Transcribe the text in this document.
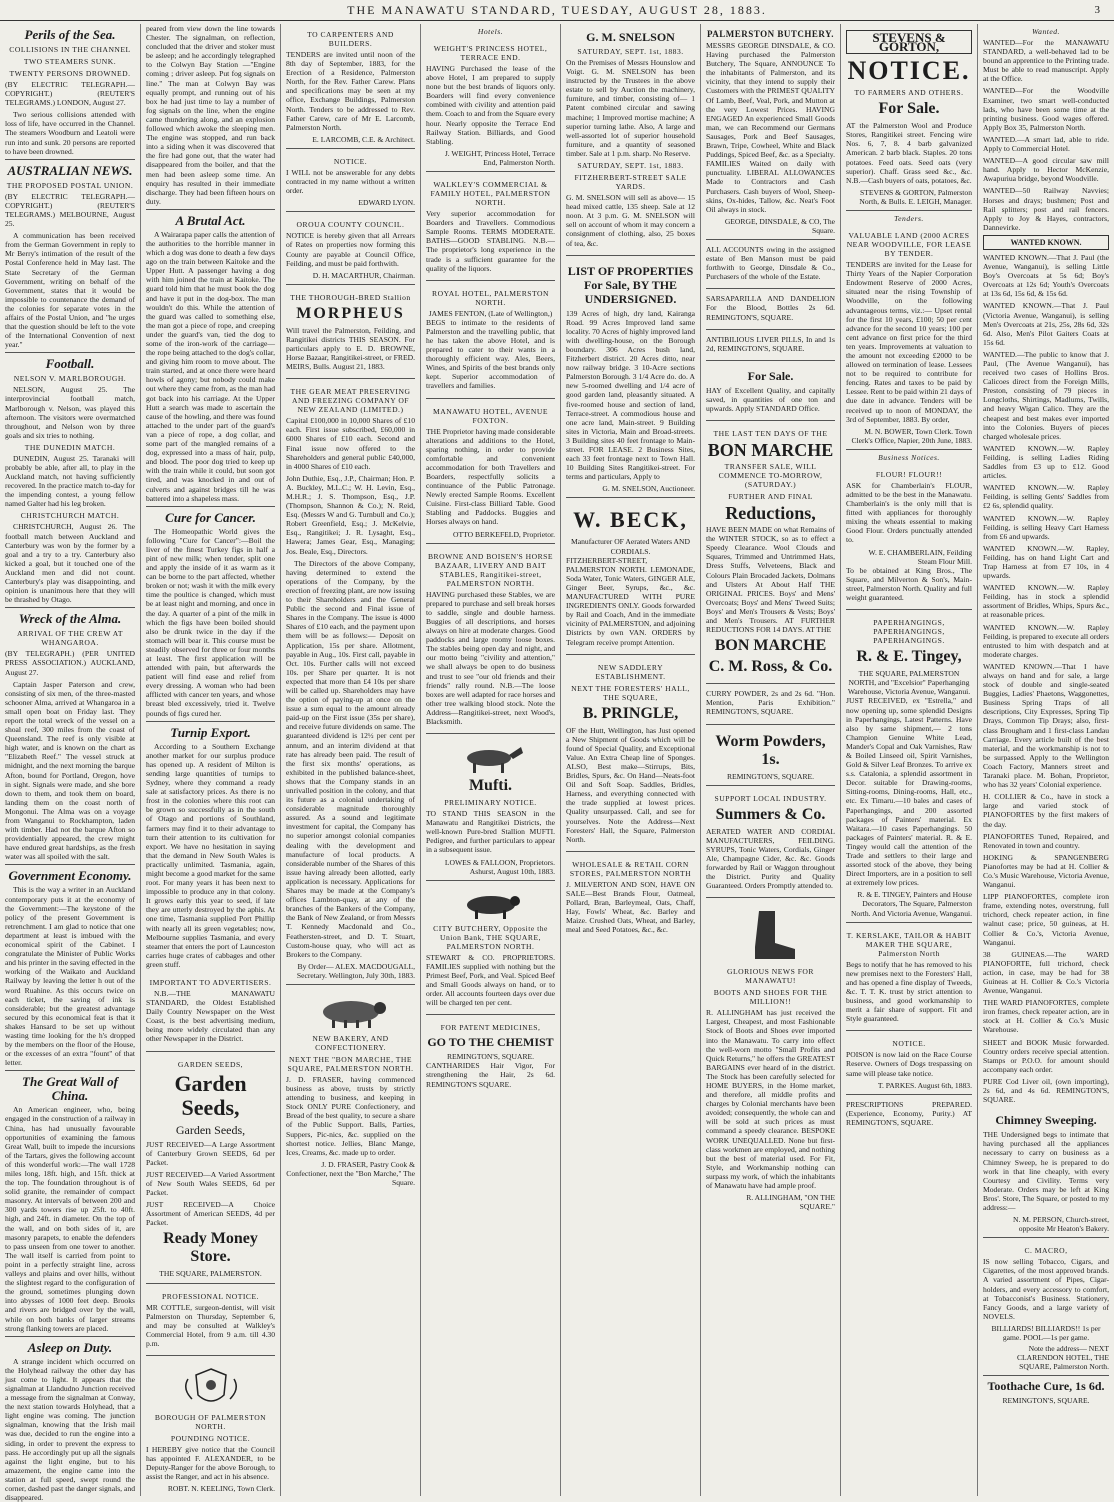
THE MANAWATU STANDARD, TUESDAY, AUGUST 28, 1883.	3
Perils of the Sea.
COLLISIONS IN THE CHANNEL
TWO STEAMERS SUNK.
TWENTY PERSONS DROWNED.

(BY ELECTRIC TELEGRAPH.—COPYRIGHT.) (REUTER'S TELEGRAMS.) LONDON, August 27.

Two serious collisions attended with loss of life, have occurred in the Channel. The steamers Woodburn and Leatoli were run into and sunk. 20 persons are reported to have been drowned.

AUSTRALIAN NEWS.
THE PROPOSED POSTAL UNION.

(BY ELECTRIC TELEGRAPH.—COPYRIGHT.) (REUTER'S TELEGRAMS.) MELBOURNE, August 25.

A communication has been received from the German Government in reply to Mr Berry's intimation of the result of the Postal Conference held in May last. The State Secretary of the German Government, writing on behalf of the Government, states that it would be impossible to countenance the demand of the colonies for separate votes in the affairs of the Postal Union, and "he urges that the question should be left to the vote of the International Convention of next year."

Football.
NELSON V. MARLBOROUGH.

NELSON, August 25. The interprovincial football match, Marlborough v. Nelson, was played this afternoon. The visitors were overmatched throughout, and Nelson won by three goals and six tries to nothing.

THE DUNEDIN MATCH.

DUNEDIN, August 25. Taranaki will probably be able, after all, to play in the Auckland match, not having sufficiently recovered. In the practice match to-day for the impending contest, a young fellow named Galter had his leg broken.

CHRISTCHURCH MATCH.

CHRISTCHURCH, August 26. The football match between Auckland and Canterbury was won by the former by a goal and a try to a try. Canterbury also kicked a goal, but it touched one of the Auckland men and did not count. Canterbury's play was disappointing, and opinion is unanimous here that they will be thrashed by Otago.

Wreck of the Alma.
ARRIVAL OF THE CREW AT WHANGAROA.

(BY TELEGRAPH.) (PER UNITED PRESS ASSOCIATION.) AUCKLAND, August 27.

Captain Jasper Paterson and crew, consisting of six men, of the three-masted schooner Alma, arrived at Whangaroa in a small open boat on Friday last. They report the total wreck of the vessel on a shoal reef, 300 miles from the coast of Queensland. The reef is only visible at high water, and is known on the chart as "Elizabeth Reef." The vessel struck at midnight, and the next morning the barque Afton, bound for Portland, Oregon, hove in sight. Signals were made, and she bore down to them, and took them on board, landing them on the coast north of Mongonui. The Alma was on a voyage from Wanganui to Rockhampton, laden with timber. Had not the barque Afton so providentially appeared, the crew might have endured great hardships, as the fresh water was all spoiled with the salt.

Government Economy.

This is the way a writer in an Auckland contemporary puts it at the economy of the Government:—The keystone of the policy of the present Government is retrenchment. I am glad to notice that one department at least is imbued with the economical spirit of the Cabinet. I congratulate the Minister of Public Works and his printer in the saving effected in the working of the Waikato and Auckland Railway by leaving the letter h out of the word Ruahine. As this occurs twice on each ticket, the saving of ink is considerable; but the greatest advantage secured by this economical feat is that it shakes Hansard to be set up without wasting time looking for the h's dropped by the members on the floor of the House, or the excesses of an extra "fount" of that letter.

The Great Wall of China.

An American engineer, who, being engaged in the construction of a railway in China, has had unusually favourable opportunities of examining the famous Great Wall, built to impede the incursions of the Tartars, gives the following account of this wonderful work:—The wall 1728 miles long, 18ft. high, and 15ft. thick at the top. The foundation throughout is of solid granite, the remainder of compact masonry. At intervals of between 200 and 300 yards towers rise up 25ft. to 40ft. high, and 24ft. in diameter. On the top of the wall, and on both sides of it, are masonry parapets, to enable the defenders to pass unseen from one tower to another. The wall itself is carried from point to point in a perfectly straight line, across valleys and plains and over hills, without the slightest regard to the configuration of the ground, sometimes plunging down into abysses of 1000 feet deep. Brooks and rivers are bridged over by the wall, while on both banks of larger streams strong flanking towers are placed.

Asleep on Duty.

A strange incident which occurred on the Holyhead railway the other day has just come to light. It appears that the signalman at Llandudno Junction received a message from the signalman at Conway, the next station towards Holyhead, that a light engine was coming. The junction signalman, knowing that the Irish mail was due, decided to run the engine into a siding, in order to prevent the express to pass. He accordingly put up all the signals against the light engine, but to his amazement, the engine came into the station at full speed, swept round the corner, dashed past the danger signals, and disappeared.

peared from view down the line towards Chester. The signalman, on reflection, concluded that the driver and stoker must be asleep; and he accordingly telegraphed to the Colwyn Bay Station —"Engine coming ; driver asleep. Put fog signals on line." The man at Colwyn Bay was equally prompt, and running out of his box he had just time to lay a number of fog signals on the line, when the engine came thundering along, and an explosion followed which awoke the sleeping men. The engine was stopped, and run back into a siding when it was discovered that the fire had gone out, that the water had disappeared from the boiler, and that the men had been asleep some time. An enquiry has resulted in their immediate discharge. They had been fifteen hours on duty.

A Brutal Act.

A Wairarapa paper calls the attention of the authorities to the horrible manner in which a dog was done to death a few days ago on the train between Kaitoke and the Upper Hutt. A passenger having a dog with him joined the train at Kaitoke. The guard told him that he must book the dog and have it put in the dog-box. The man wouldn't do this. While the attention of the guard was called to something else, the man got a piece of rope, and creeping under the guard's van, tied the dog to some of the iron-work of the carriage—the rope being attached to the dog's collar, and giving him room to move about. The train started, and at once there were heard howls of agony; but nobody could make out where they came from, as the man had got back into his carriage. At the Upper Hutt a search was made to ascertain the cause of the howling, and there was found attached to the under part of the guard's van a piece of rope, a dog collar, and some part of the mangled remains of a dog, expressed into a mass of hair, pulp, and blood. The poor dog tried to keep up with the train while it could, but soon got tired, and was knocked in and out of culverts and against bridges till he was battered into a shapeless mass.

Cure for Cancer.

The Homeopathic World gives the following "Cure for Cancer":—Boil the liver of the finest Turkey figs in half a pint of new milk; when tender, split one and apply the inside of it as warm as it can be borne to the part affected, whether broken or not; wash it with the milk every time the poultice is changed, which must be at least night and morning, and once in the day. A quarter of a pint of the milk in which the figs have been boiled should also be drunk twice in the day if the stomach will bear it. This course must be steadily observed for three or four months at least. The first application will be attended with pain, but afterwards the patient will find ease and relief from every dressing. A woman who had been afflicted with cancer ten years, and whose breast bled excessively, tried it. Twelve pounds of figs cured her.

Turnip Export.

According to a Southern Exchange another market for our surplus produce has opened up. A resident of Milton is sending large quantities of turnips to Sydney, where they command a ready sale at satisfactory prices. As there is no frost in the colonies where this root can be grown so successfully as in the south of Otago and portions of Southland, farmers may find it to their advantage to turn their attention to its cultivation for export. We have no hesitation in saying that the demand in New South Wales is practically unlimited. Tasmania, again, might become a good market for the same root. For many years it has been next to impossible to produce any in that colony. It grows early this year to seed, if late they are utterly destroyed by the aphis. At one time, Tasmania supplied Port Phillip with nearly all its green vegetables; now, Melbourne supplies Tasmania, and every steamer that enters the port of Launceston carries huge crates of cabbages and other green stuff.

IMPORTANT TO ADVERTISERS.

N.B.—THE MANAWATU STANDARD, the Oldest Established Daily Country Newspaper on the West Coast, is the best advertising medium, being more widely circulated than any other Newspaper in the District.

GARDEN SEEDS,
Garden Seeds,
Garden Seeds,

JUST RECEIVED—A Large Assortment of Canterbury Grown SEEDS, 6d per Packet.

JUST RECEIVED—A Varied Assortment of New South Wales SEEDS, 6d per Packet.

JUST RECEIVED—A Choice Assortment of American SEEDS, 4d per Packet.

Ready Money Store.
THE SQUARE, PALMERSTON.
PROFESSIONAL NOTICE.

MR COTTLE, surgeon-dentist, will visit Palmerston on Thursday, September 6, and may be consulted at Walkley's Commercial Hotel, from 9 a.m. till 4.30 p.m.

BOROUGH OF PALMERSTON NORTH.
POUNDING NOTICE.

I HEREBY give notice that the Council has appointed F. ALEXANDER, to be Deputy-Ranger for the above Borough, to assist the Ranger, and act in his absence.

ROBT. N. KEELING, Town Clerk.

TO CARPENTERS AND BUILDERS.

TENDERS are invited until noon of the 8th day of September, 1883, for the Erection of a Residence, Palmerston North, for the Rev. Father Carew. Plans and specifications may be seen at my office, Exchange Buildings, Palmerston North. Tenders to be addressed to Rev. Father Carew, care of Mr E. Larcomb, Palmerston North.

E. LARCOMB, C.E. & Architect.

NOTICE.

I WILL not be answerable for any debts contracted in my name without a written order.

EDWARD LYON.

OROUA COUNTY COUNCIL.

NOTICE is hereby given that all Arrears of Rates on properties now forming this County are payable at Council Office, Feilding, and must be paid forthwith.

D. H. MACARTHUR, Chairman.

THE THOROUGH-BRED Stallion
MORPHEUS

Will travel the Palmerston, Feilding, and Rangitikei districts THIS SEASON. For particulars apply to E. D. BROWNE, Horse Bazaar, Rangitikei-street, or FRED. MEIRS, Bulls. August 21, 1883.

THE GEAR MEAT PRESERVING AND FREEZING COMPANY OF NEW ZEALAND (LIMITED.)

Capital £100,000 in 10,000 Shares of £10 each. First issue subscribed, £60,000 in 6000 Shares of £10 each. Second and Final issue now offered to the Shareholders and general public £40,000, in 4000 Shares of £10 each.

John Duthie, Esq., J.P., Chairman; Hon. P. A. Buckley, M.L.C.; W. H. Levin, Esq., M.H.R.; J. S. Thompson, Esq., J.P. (Thompson, Shannon & Co.); N. Reid, Esq. (Messrs W and G. Turnbull and Co.); Robert Greenfield, Esq.; J. McKelvie, Esq., Rangitikei; J. R. Lysaght, Esq., Hawera; James Gear, Esq., Managing; Jos. Beale, Esq., Directors.

The Directors of the above Company, having determined to extend the operations of the Company, by the erection of freezing plant, are now issuing to their Shareholders and the General Public the second and Final issue of Shares in the Company. The issue is 4000 Shares of £10 each, and the payment upon them will be as follows:— Deposit on Application, 15s per share. Allotment, payable in Aug., 10s. First call, payable in Oct. 10s. Further calls will not exceed 10s. per Share per quarter. It is not expected that more than £4 10s per share will be called up. Shareholders may have the option of paying-up at once on the issue a sum equal to the amount already paid-up on the First issue (35s per share), and receive future dividends on same. The guaranteed dividend is 12½ per cent per annum, and an interim dividend at that rate has already been paid. The result of the first six months' operations, as exhibited in the published balance-sheet, shows that the Company stands in an unrivalled position in the colony, and that its future as a colonial undertaking of considerable magnitude thoroughly assured. As a sound and legitimate investment for capital, the Company has no superior amongst colonial companies dealing with the development and manufacture of local products. A considerable number of the Shares of this issue having already been allotted, early application is necessary. Applications for Shares may be made at the Company's offices Lambton-quay, at any of the branches of the Bankers of the Company, the Bank of New Zealand, or from Messrs T. Kennedy Macdonald and Co., Feathersten-street, and D. T. Stuart, Custom-house quay, who will act as Brokers to the Company.

By Order— ALEX. MACDOUGALL, Secretary. Wellington, July 30th, 1883.

NEW BAKERY, AND CONFECTIONERY.
NEXT THE "BON MARCHE, THE SQUARE, PALMERSTON NORTH.

J. D. FRASER, having commenced business as above, trusts by strictly attending to business, and keeping in Stock ONLY PURE Confectionery, and Bread of the best quality, to secure a share of the Public Support. Balls, Parties, Suppers, Pic-nics, &c. supplied on the shortest notice. Jellies, Blanc Mange, Ices, Creams, &c. made up to order.

J. D. FRASER, Pastry Cook & Confectioner, next the "Bon Marche," The Square.

Hotels.
WEIGHT'S PRINCESS HOTEL, TERRACE END.

HAVING Purchased the lease of the above Hotel, I am prepared to supply none but the best brands of liquors only. Boarders will find every convenience combined with civility and attention paid them. Coach to and from the Square every hour. Nearly opposite the Terrace End Railway Station. Billiards, and Good Stabling.

J. WEIGHT, Princess Hotel, Terrace End, Palmerston North.

WALKLEY'S COMMERCIAL & FAMILY HOTEL, PALMERSTON NORTH.

Very superior accommodation for Boarders and Travellers. Commodious Sample Rooms. TERMS MODERATE. BATHS—GOOD STABLING. N.B.—The proprietor's long experience in the trade is a sufficient guarantee for the quality of the liquors.

ROYAL HOTEL, PALMERSTON NORTH.
JAMES FENTON, (Late of Wellington,)

BEGS to intimate to the residents of Palmerston and the travelling public, that he has taken the above Hotel, and is prepared to cater to their wants in a thoroughly efficient way. Ales, Beers, Wines, and Spirits of the best brands only kept. Superior accommodation of travellers and families.

MANAWATU HOTEL, AVENUE FOXTON.

THE Proprietor having made considerable alterations and additions to the Hotel, sparing nothing, in order to provide comfortable and convenient accommodation for both Travellers and Boarders, respectfully solicits a continuance of the Public Patronage. Newly erected Sample Rooms. Excellent Cuisine. First-class Billiard Table. Good Stabling and Paddocks. Buggies and Horses always on hand.

OTTO BERKEFELD, Proprietor.

BROWNE AND BOISEN'S HORSE BAZAAR, LIVERY AND BAIT STABLES, Rangitikei-street, PALMERSTON NORTH.

HAVING purchased these Stables, we are prepared to purchase and sell break horses to saddle, single and double harness. Buggies of all descriptions, and horses always on hire at moderate charges. Good paddocks and large roomy loose boxes. The stables being open day and night, and our motto being "civility and attention," we shall always be open to do business and trust to see "our old friends and their friends" rally round. N.B.—The loose boxes are well adapted for race horses and other tree walking blood stock. Note the Address—Rangitikei-street, next Wood's, Blacksmith.

Mufti.
PRELIMINARY NOTICE.

TO STAND THIS SEASON in the Manawatu and Rangitikei Districts, the well-known Pure-bred Stallion MUFTI. Pedigree, and further particulars to appear in a subsequent issue.

LOWES & FALLOON, Proprietors. Ashurst, August 10th, 1883.

CITY BUTCHERY, Opposite the Union Bank, THE SQUARE, PALMERSTON NORTH.

STEWART & CO. PROPRIETORS. FAMILIES supplied with nothing but the Primest Beef, Pork, and Veal. Spiced Beef and Small Goods always on hand, or to order. All accounts fourteen days over due will be charged ten per cent.

FOR PATENT MEDICINES,
GO TO THE CHEMIST
REMINGTON'S, SQUARE.

CANTHARIDES Hair Vigor, For strengthening the Hair, 2s 6d. REMINGTON'S SQUARE.

G. M. SNELSON
SATURDAY, SEPT. 1st, 1883.

On the Premises of Messrs Hounslow and Voigt. G. M. SNELSON has been instructed by the Trustees in the above estate to sell by Auction the machinery, furniture, and timber, consisting of— 1 Patent combined circular and sawing machine; 1 Improved mortise machine; A superior turning lathe. Also, A large and well-assorted lot of superior household furniture, and a quantity of seasoned timber. Sale at 1 p.m. sharp. No Reserve.

SATURDAY, SEPT. 1st, 1883.
FITZHERBERT-STREET SALE YARDS.

G. M. SNELSON will sell as above— 15 head mixed cattle, 135 sheep. Sale at 12 noon. At 3 p.m. G. M. SNELSON will sell on account of whom it may concern a consignment of clothing, also, 25 boxes of tea, &c.

LIST OF PROPERTIES For Sale, BY THE UNDERSIGNED.

139 Acres of high, dry land, Kairanga Road. 99 Acres Improved land same locality. 70 Acres of highly improved land with dwelling-house, on the Borough boundary. 306 Acres bush land, Fitzherbert district. 20 Acres ditto, near now railway bridge. 3 10-Acre sections Palmerston Borough. 3 1/4 Acre do. do. A new 5-roomed dwelling and 1/4 acre of good garden land, pleasantly situated. A five-roomed house and section of land, Terrace-street. A commodious house and one acre land, Main-street. 9 Building sites in Victoria, Main and Broad-streets. 3 Building sites 40 feet frontage to Main-street. FOR LEASE. 2 Business Sites, each 33 feet frontage next to Town Hall. 10 Building Sites Rangitikei-street. For terms and particulars, Apply to

G. M. SNELSON, Auctioneer.

W. BECK,
Manufacturer OF Aerated Waters AND CORDIALS.

FITZHERBERT-STREET, PALMERSTON NORTH. LEMONADE, Soda Water, Tonic Waters, GINGER ALE, Ginger Beer, Syrups, &c., &c. MANUFACTURED WITH PURE INGREDIENTS ONLY. Goods forwarded by Rail and Coach, And in the immediate vicinity of PALMERSTON, and adjoining Districts by own VAN. ORDERS by Telegram receive prompt Attention.

NEW SADDLERY ESTABLISHMENT.
NEXT THE FORESTERS' HALL, THE SQUARE,
B. PRINGLE,

OF the Hutt, Wellington, has Just opened a New Shipment of Goods which will be found of Special Quality, and Exceptional Value. An Extra Cheap line of Sponges. ALSO, Best make—Stirrups, Bits, Bridles, Spurs, &c. On Hand—Neats-foot Oil and Soft Soap. Saddles, Bridles, Harness, and everything connected with the trade supplied at lowest prices. Quality unsurpassed. Call, and see for yourselves. Note the Address—Next Foresters' Hall, the Square, Palmerston North.

WHOLESALE & RETAIL CORN STORES, PALMERSTON NORTH

J. MILVERTON AND SON, HAVE ON SALE—Best Brands Flour, Oatmeal, Pollard, Bran, Barleymeal, Oats, Chaff, Hay, Fowls' Wheat, &c. Barley and Maize. Crushed Oats, Wheat, and Barley, meal and Seed Potatoes, &c., &c.

PALMERSTON BUTCHERY.

MESSRS GEORGE DINSDALE, & CO. Having purchased the Palmerston Butchery, The Square, ANNOUNCE To the inhabitants of Palmerston, and its vicinity, that they intend to supply their Customers with the PRIMEST QUALITY Of Lamb, Beef, Veal, Pork, and Mutton at the very Lowest Prices. HAVING ENGAGED An experienced Small Goods man, we can Recommend our Germans Sausages, Pork and Beef Sausages, Brawn, Tripe, Cowheel, White and Black Puddings, Spiced Beef, &c. as a Specialty. FAMILIES Waited on daily with punctuality. LIBERAL ALLOWANCES Made to Contractors and Cash Purchasers. Cash buyers of Wool, Sheep-skins, Ox-hides, Tallow, &c. Neat's Foot Oil always in stock.

GEORGE, DINSDALE, & CO, The Square.

ALL ACCOUNTS owing in the assigned estate of Ben Manson must be paid forthwith to George, Dinsdale & Co., Purchasers of the whole of the Estate.

SARSAPARILLA AND DANDELION For the Blood, Bottles 2s 6d. REMINGTON'S, SQUARE.

ANTIBILIOUS LIVER PILLS, In and 1s 2d, REMINGTON'S, SQUARE.

For Sale.

HAY of Excellent Quality, and capitally saved, in quantities of one ton and upwards. Apply STANDARD Office.

THE LAST TEN DAYS OF THE
BON MARCHE
TRANSFER SALE, WILL COMMENCE TO-MORROW, (SATURDAY.)
FURTHER AND FINAL
Reductions,

HAVE BEEN MADE on what Remains of the WINTER STOCK, so as to effect a Speedy Clearance. Wool Clouds and Squares, Trimmed and Untrimmed Hats, Dress Stuffs, Velveteens, Black and Colours Plain Brocaded Jackets, Dolmans and Ulsters At About Half THE ORIGINAL PRICES. Boys' and Mens' Overcoats; Boys' and Mens' Tweed Suits; Boys' and Men's Trousers & Vests; Boys' and Men's Trousers. AT FURTHER REDUCTIONS FOR 14 DAYS. AT THE

BON MARCHE
C. M. Ross, & Co.

CURRY POWDER, 2s and 2s 6d. "Hon. Mention, Paris Exhibition." REMINGTON'S, SQUARE.

Worm Powders, 1s.
REMINGTON'S, SQUARE.
SUPPORT LOCAL INDUSTRY.
Summers & Co.

AERATED WATER AND CORDIAL MANUFACTURERS, FEILDING. SYRUPS, Tonic Waters, Cordials, Ginger Ale, Champagne Cider, &c. &c. Goods forwarded by Rail or Waggon throughout the District. Purity and Quality Guaranteed. Orders Promptly attended to.

GLORIOUS NEWS FOR MANAWATU!
BOOTS AND SHOES FOR THE MILLION!!

R. ALLINGHAM has just received the Largest, Cheapest, and most Fashionable Stock of Boots and Shoes ever imported into the Manawatu. To carry into effect the well-worn motto "Small Profits and Quick Returns," he offers the GREATEST BARGAINS ever heard of in the district. The Stock has been carefully selected for HOME BUYERS, in the Home market, and therefore, all middle profits and charges by Colonial merchants have been avoided; consequently, the whole can and will be sold at such prices as must command a speedy clearance. BESPOKE WORK UNEQUALLED. None but first-class workmen are employed, and nothing but the best of material used. For Fit, Style, and Workmanship nothing can surpass my work, of which the inhabitants of Manawatu have had ample proof.

R. ALLINGHAM, "ON THE SQUARE."

STEVENS & GORTON,
NOTICE.
TO FARMERS AND OTHERS.
For Sale.

AT the Palmerston Wool and Produce Stores, Rangitikei street. Fencing wire Nos. 6, 7, 8. 4 barb galvanized American. 2 barb black. Staples. 20 tons potatoes. Feed oats. Seed oats (very superior). Chaff. Grass seed &c., &c. N.B.—Cash buyers of oats, potatoes, &c.

STEVENS & GORTON, Palmerston North, & Bulls. E. LEIGH, Manager.

Tenders.
VALUABLE LAND (2000 ACRES NEAR WOODVILLE, FOR LEASE BY TENDER.

TENDERS are invited for the Lease for Thirty Years of the Napier Corporation Endowment Reserve of 2000 Acres, situated near the rising Township of Woodville, on the following advantageous terms, viz.:— Upset rental for the first 10 years, £100; 50 per cent advance for the second 10 years; 100 per cent advance on first price for the third ten years. Improvements at valuation to the amount not exceeding £2000 to be allowed on termination of lease. Lessees not to be required to contribute for fencing. Rates and taxes to be paid by Lessee. Rent to be paid within 21 days of due date in advance. Tenders will be received up to noon of MONDAY, the 3rd of September, 1883. By order,

M. N. BOWER, Town Clerk. Town Clerk's Office, Napier, 20th June, 1883.

Business Notices.
FLOUR! FLOUR!!

ASK for Chamberlain's FLOUR, admitted to be the best in the Manawatu. Chamberlain's is the only mill that is fitted with appliances for thoroughly mixing the wheats essential to making Good Flour. Orders punctually attended to.

W. E. CHAMBERLAIN, Feilding Steam Flour Mill.

To be obtained at King Bros., The Square, and Milverton & Son's, Main-street, Palmerston North. Quality and full weight guaranteed.

PAPERHANGINGS, PAPERHANGINGS, PAPERHANGINGS.
R. & E. Tingey,
THE SQUARE, PALMERSTON NORTH, and "Excelsior" Paperhanging Warehouse, Victoria Avenue, Wanganui.

JUST RECEIVED, ex "Estrella," and now opening up, some splendid Designs in Paperhangings, Latest Patterns. Have also by same shipment,— 2 tons Champion Genuine White Lead, Mander's Copal and Oak Varnishes, Raw & Boiled Linseed oil, Spirit Varnishes, Gold & Silver Leaf Bronzes. To arrive ex s.s. Catalonia, a splendid assortment in Decor. suitable for Drawing-rooms, Sitting-rooms, Dining-rooms, Hall, etc., etc. Ex Timaru.—10 bales and cases of Paperhangings, and 200 assorted packages of Painters' material. Ex Waitara.—10 cases Paperhangings. 50 packages of Painters' material. R. & E. Tingey would call the attention of the Trade and settlers to their large and assorted stock of the above, they being Direct Importers, are in a position to sell at extremely low prices.

R. & E. TINGEY, Painters and House Decorators, The Square, Palmerston North. And Victoria Avenue, Wanganui.

T. KERSLAKE, TAILOR & HABIT MAKER THE SQUARE, Palmerston North

Begs to notify that he has removed to his new premises next to the Foresters' Hall, and has opened a fine display of Tweeds, &c. T. T. K. trust by strict attention to business, and good workmanship to merit a fair share of support. Fit and Style guaranteed.

NOTICE.

POISON is now laid on the Race Course Reserve. Owners of Dogs trespassing on same will please take notice.

T. PARKES. August 6th, 1883.

PRESCRIPTIONS PREPARED. (Experience, Economy, Purity.) AT REMINGTON'S, SQUARE.

Wanted.

WANTED—For the MANAWATU STANDARD, a well-behaved lad to be bound an apprentice to the Printing trade. Must be able to read manuscript. Apply at the Office.

WANTED—For the Woodville Examiner, two smart well-conducted lads, who have been some time at the printing business. Good wages offered. Apply Box 35, Palmerston North.

WANTED.—A smart lad, able to ride. Apply to Commercial Hotel.

WANTED—A good circular saw mill hand. Apply to Hector McKenzie, Awapuriua bridge, beyond Woodville.

WANTED—50 Railway Navvies; Horses and drays; bushmen; Post and Rail splitters; post and rail fencers. Apply to Joy & Hayes, contractors, Dannevirke.

WANTED KNOWN.

WANTED KNOWN.—That J. Paul (the Avenue, Wanganui), is selling Little Boy's Overcoats at 5s 6d; Boy's Overcoats at 12s 6d; Youth's Overcoats at 13s 6d, 15s 6d, & 15s 6d.

WANTED KNOWN.—That J. Paul (Victoria Avenue, Wanganui), is selling Men's Overcoats at 21s, 25s, 28s 6d, 32s 6d. Also, Men's Pilot Gaiters Coats at 15s 6d.

WANTED.—The public to know that J. Paul, (The Avenue Wanganui), has received two cases of Hollins Bros. Calicoes direct from the Foreign Mills, Preston, consisting of 79 pieces in Longcloths, Shirtings, Madlums, Twills, and heavy Wigan Calico. They are the cheapest and best makes ever imported into the Colonies. Buyers of pieces charged wholesale prices.

WANTED KNOWN.—W. Rapley Feilding, is selling Ladies Riding Saddles from £3 up to £12. Good articles.

WANTED KNOWN.—W. Rapley Feilding, is selling Gents' Saddles from £2 6s, splendid quality.

WANTED KNOWN.—W. Rapley Feilding, is selling Heavy Cart Harness from £6 and upwards.

WANTED KNOWN.—W. Rapley, Feilding, has on hand Light Cart and Trap Harness at from £7 10s, in 4 upwards.

WANTED KNOWN.—W. Rapley Feilding, has in stock a splendid assortment of Bridles, Whips, Spurs &c., at reasonable prices.

WANTED KNOWN.—W. Rapley Feilding, is prepared to execute all orders entrusted to him with despatch and at moderate charges.

WANTED KNOWN.—That I have always on hand and for sale, a large stock of double and single-seated Buggies, Ladies' Phaetons, Waggonettes, Business Spring Traps of all descriptions, City Expresses, Spring Tip Drays, Common Tip Drays; also, first-class Brougham and 1 first-class Landau Carriage. Every article built of the best material, and the workmanship is not to be surpassed. Apply to the Wellington Coach Factory, Manners street and Taranaki place. M. Bohan, Proprietor, who has 32 years' Colonial experience.

H. COLLIER & Co., have in stock a large and varied stock of PIANOFORTES by the first makers of the day.

PIANOFORTES Tuned, Repaired, and Renovated in town and country.

HOKING & SPANGENBERG Pianofortes may be had at H. Collier & Co.'s Music Warehouse, Victoria Avenue, Wanganui.

LIPP PIANOFORTES, complete iron frame, extending notes, overstrung, full trichord, check repeater action, in fine walnut case; price, 50 guineas, at H. Collier & Co.'s, Victoria Avenue, Wanganui.

38 GUINEAS.—The WARD PIANOFORTE, full trichord, check action, in case, may be had for 38 Guineas at H. Collier & Co.'s Victoria Avenue, Wanganui.

THE WARD PIANOFORTES, complete iron frames, check repeater action, are in stock at H. Collier & Co.'s Music Warehouse.

SHEET and BOOK Music forwarded. Country orders receive special attention. Stamps or P.O.O. for amount should accompany each order.

PURE Cod Liver oil, (own importing), 2s 6d, and 4s 6d. REMINGTON'S, SQUARE.

Chimney Sweeping.

THE Undersigned begs to intimate that having purchased all the appliances necessary to carry on business as a Chimney Sweep, he is prepared to do work in that line cheaply, with every Courtesy and Civility. Terms very Moderate. Orders may be left at King Bros'. Store, The Square, or posted to my address:—

N. M. PERSON, Church-street, opposite Mr Heaton's Bakery.

C. MACRO,

IS now selling Tobacco, Cigars, and Cigarettes, of the most approved brands. A varied assortment of Pipes, Cigar-holders, and every accessory to comfort, at Tobacconist's Business. Stationery, Fancy Goods, and a large variety of NOVELS.

BILLIARDS! BILLIARDS!! 1s per game. POOL—1s per game.

Note the address— NEXT CLARENDON HOTEL, THE SQUARE, Palmerston North.

Toothache Cure, 1s 6d.
REMINGTON'S, SQUARE.
